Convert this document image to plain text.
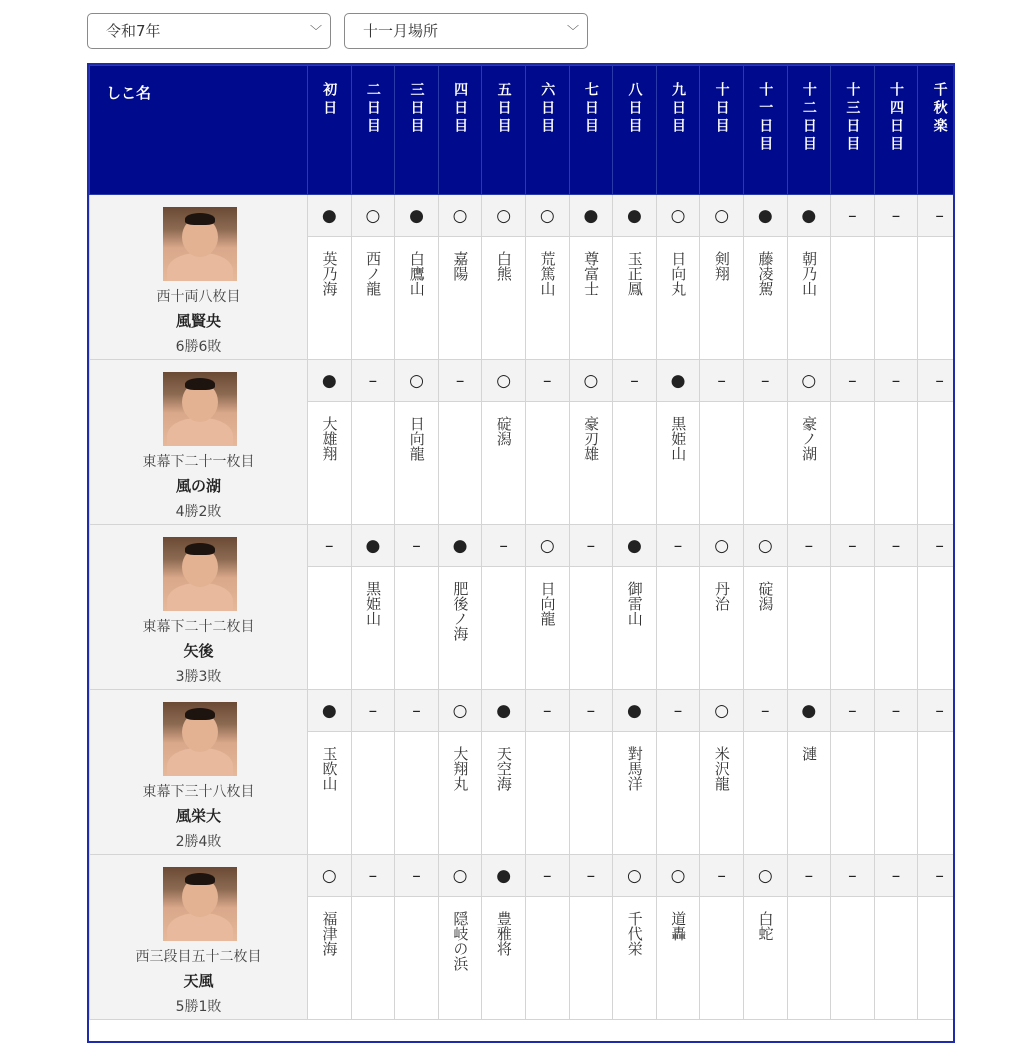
令和7年	﹀	十一月場所	﹀
しこ名	初日	二日目	三日目	四日目	五日目	六日目	七日目	八日目	九日目	十日目	十一日目	十二日目	十三日目	十四日目	千秋楽

西十両八枚目
風賢央
6勝6敗	●	○	●	○	○	○	●	●	○	○	●	●	–	–	–

	英乃海	西ノ龍	白鷹山	嘉陽	白熊	荒篤山	尊富士	玉正鳳	日向丸	剣翔	藤凌駕	朝乃山			

東幕下二十一枚目
風の湖
4勝2敗	●	–	○	–	○	–	○	–	●	–	–	○	–	–	–

	大雄翔		日向龍		碇潟		豪刃雄		黒姫山			豪ノ湖			

東幕下二十二枚目
矢後
3勝3敗	–	●	–	●	–	○	–	●	–	○	○	–	–	–	–

		黒姫山		肥後ノ海		日向龍		御雷山		丹治	碇潟				

東幕下三十八枚目
風栄大
2勝4敗	●	–	–	○	●	–	–	●	–	○	–	●	–	–	–

	玉欧山			大翔丸	天空海			對馬洋		米沢龍		漣			

西三段目五十二枚目
天風
5勝1敗	○	–	–	○	●	–	–	○	○	–	○	–	–	–	–

	福津海			隠岐の浜	豊雅将			千代栄	道轟		白蛇				
